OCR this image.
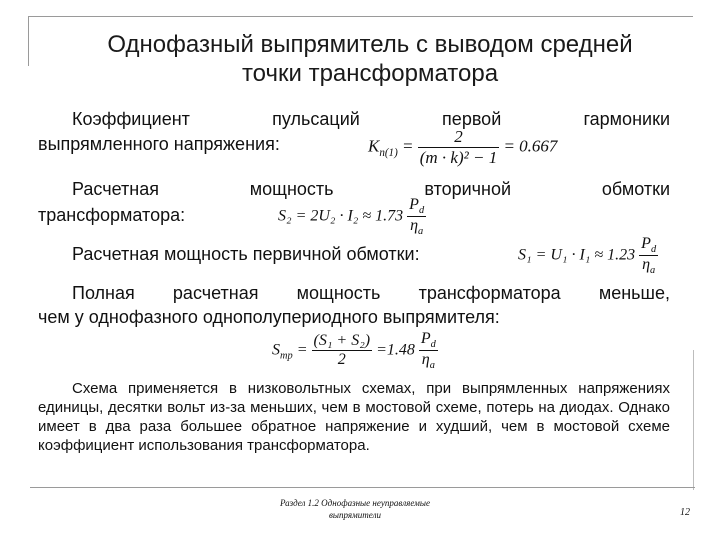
Однофазный выпрямитель с выводом средней
точки трансформатора
Коэффициент пульсаций первой гармоники
выпрямленного напряжения:	$K_{п(1)} = \frac{2}{\text{(m · k)² − 1}} = 0.667$
Расчетная мощность вторичной обмотки
трансформатора:	$S_2 = 2U_2 \cdot I_2 \approx 1.73 \frac{P_d}{\eta_а}$
Расчетная мощность первичной обмотки:	$S_1 = U_1 \cdot I_1 \approx 1.23 \frac{P_d}{\eta_а}$
Полная расчетная мощность трансформатора меньше,
чем у однофазного однополупериодного выпрямителя:
$S_{тр} = \frac{\text{(S₁ + S₂)}}{2} =1.48 \frac{P_d}{\eta_а}$
Схема применяется в низковольтных схемах, при выпрямленных напряжениях единицы, десятки вольт из-за меньших, чем в мостовой схеме, потерь на диодах. Однако имеет в два раза большее обратное напряжение и худший, чем в мостовой схеме коэффициент использования трансформатора.
Раздел 1.2 Однофазные неуправляемые
выпрямители	12
